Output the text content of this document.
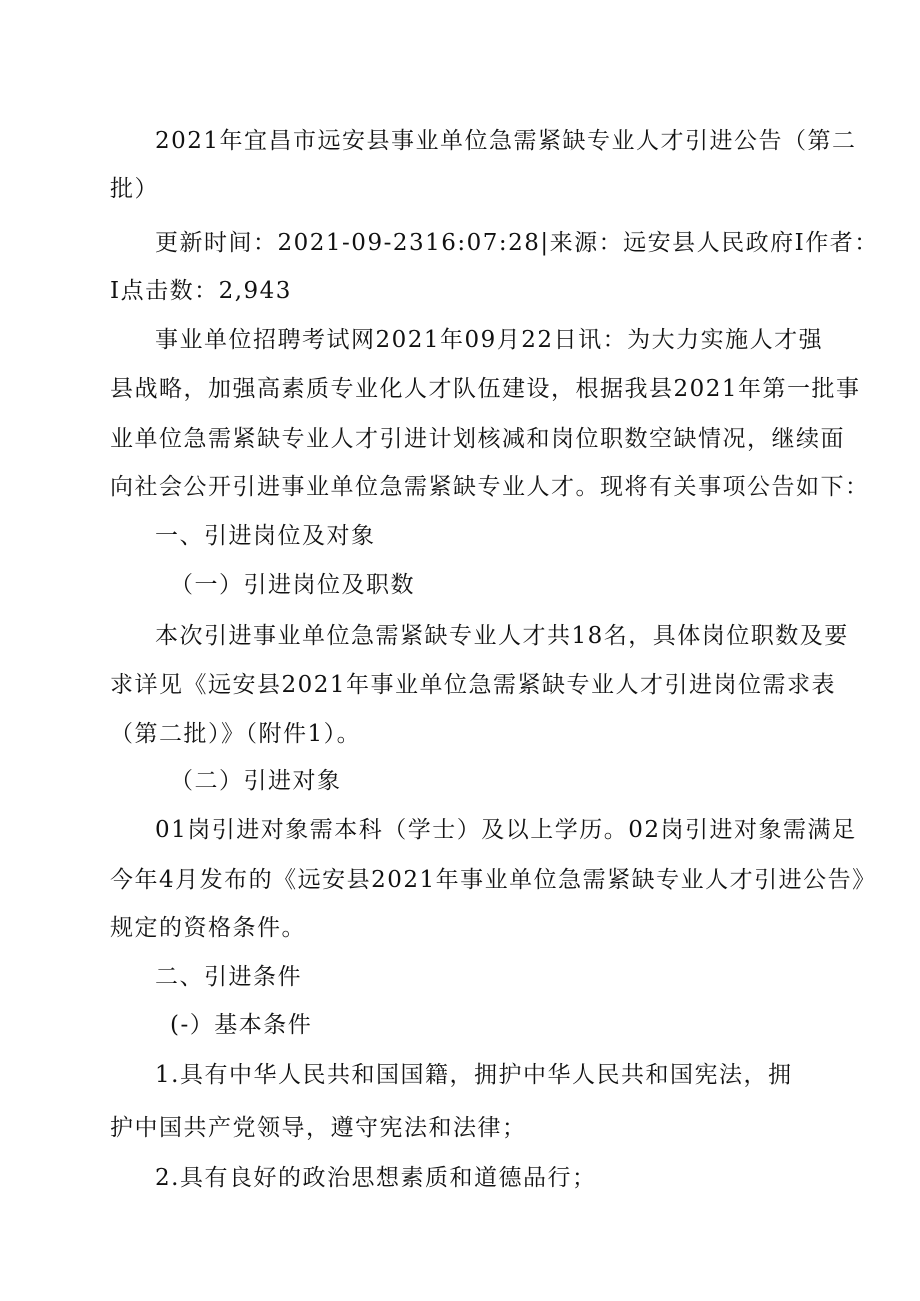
2021年宜昌市远安县事业单位急需紧缺专业人才引进公告（第二
批）
更新时间：2021-09-2316:07:28|来源：远安县人民政府I作者：
I点击数：2,943
事业单位招聘考试网2021年09月22日讯：为大力实施人才强
县战略，加强高素质专业化人才队伍建设，根据我县2021年第一批事
业单位急需紧缺专业人才引进计划核减和岗位职数空缺情况，继续面
向社会公开引进事业单位急需紧缺专业人才。现将有关事项公告如下：
一、引进岗位及对象
（一）引进岗位及职数
本次引进事业单位急需紧缺专业人才共18名，具体岗位职数及要
求详见《远安县2021年事业单位急需紧缺专业人才引进岗位需求表
（第二批）》（附件1）。
（二）引进对象
01岗引进对象需本科（学士）及以上学历。02岗引进对象需满足
今年4月发布的《远安县2021年事业单位急需紧缺专业人才引进公告》
规定的资格条件。
二、引进条件
(-）基本条件
1.具有中华人民共和国国籍，拥护中华人民共和国宪法，拥
护中国共产党领导，遵守宪法和法律；
2.具有良好的政治思想素质和道德品行；
